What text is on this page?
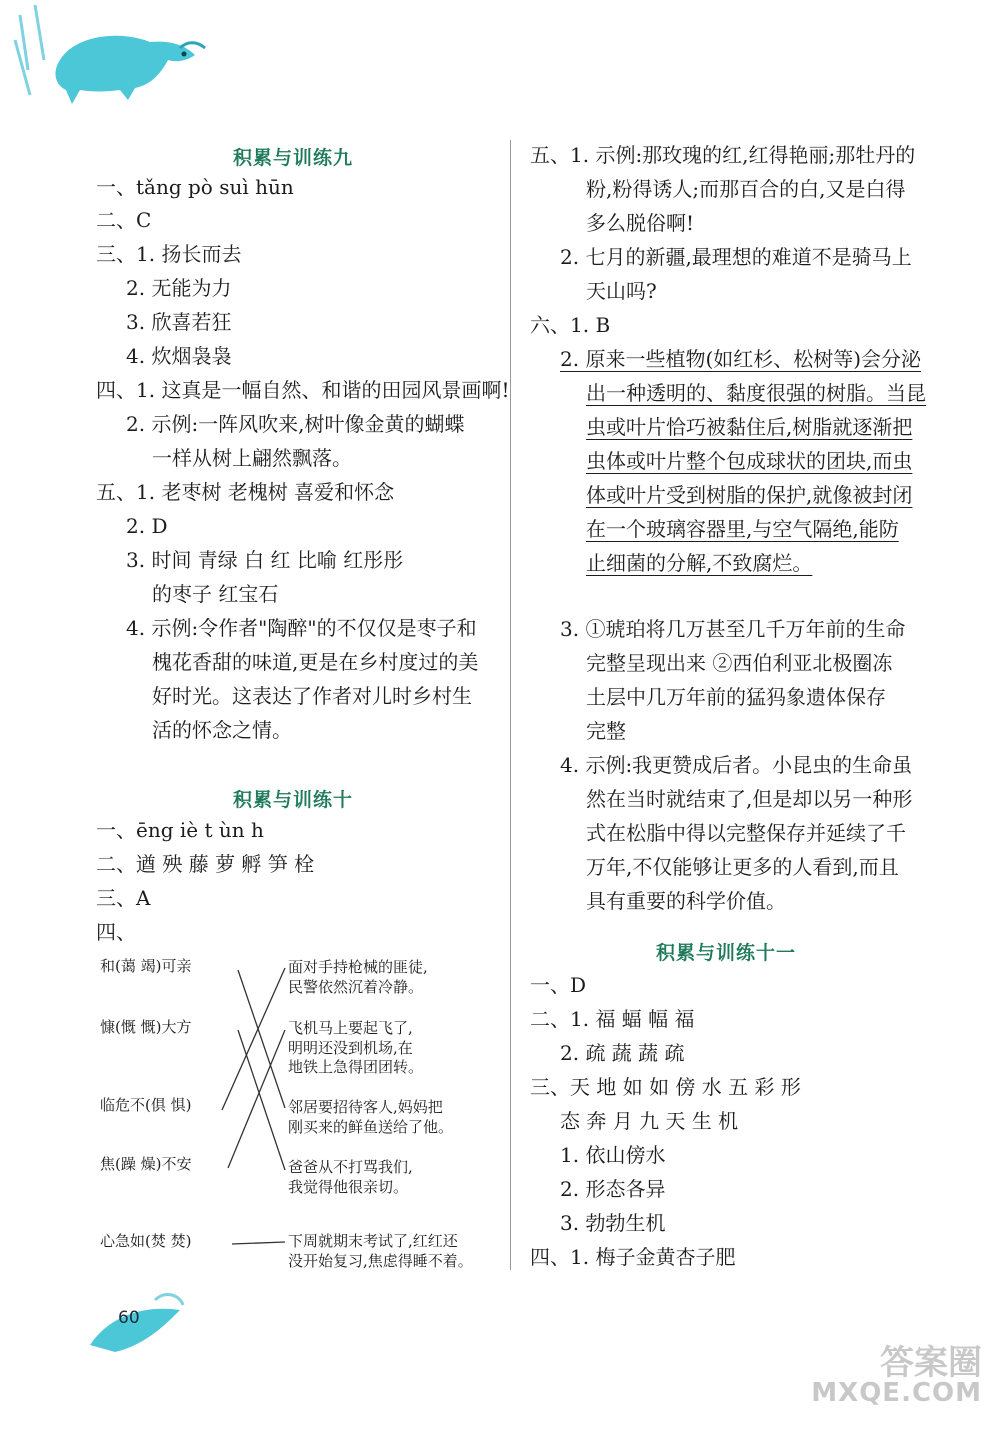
积累与训练九
一、tǎng pò suì hūn
二、C
三、1. 扬长而去
2. 无能为力
3. 欣喜若狂
4. 炊烟袅袅
四、1. 这真是一幅自然、和谐的田园风景画啊!
2. 示例:一阵风吹来,树叶像金黄的蝴蝶
一样从树上翩然飘落。
五、1. 老枣树 老槐树 喜爱和怀念
2. D
3. 时间 青绿 白 红 比喻 红彤彤
的枣子 红宝石
4. 示例:令作者"陶醉"的不仅仅是枣子和
槐花香甜的味道,更是在乡村度过的美
好时光。这表达了作者对儿时乡村生
活的怀念之情。
积累与训练十
一、ēng iè t ùn h
二、遒 殃 藤 萝 孵 笋 栓
三、A
四、
和(蔼 竭)可亲
慷(慨 慨)大方
临危不(俱 惧)
焦(躁 燥)不安
心急如(焚 焚)
面对手持枪械的匪徒,
民警依然沉着冷静。
飞机马上要起飞了,
明明还没到机场,在
地铁上急得团团转。
邻居要招待客人,妈妈把
刚买来的鲜鱼送给了他。
爸爸从不打骂我们,
我觉得他很亲切。
下周就期末考试了,红红还
没开始复习,焦虑得睡不着。
五、1. 示例:那玫瑰的红,红得艳丽;那牡丹的
粉,粉得诱人;而那百合的白,又是白得
多么脱俗啊!
2. 七月的新疆,最理想的难道不是骑马上
天山吗?
六、1. B
2. 原来一些植物(如红杉、松树等)会分泌
出一种透明的、黏度很强的树脂。当昆
虫或叶片恰巧被黏住后,树脂就逐渐把
虫体或叶片整个包成球状的团块,而虫
体或叶片受到树脂的保护,就像被封闭
在一个玻璃容器里,与空气隔绝,能防
止细菌的分解,不致腐烂。
3. ①琥珀将几万甚至几千万年前的生命
完整呈现出来 ②西伯利亚北极圈冻
土层中几万年前的猛犸象遗体保存
完整
4. 示例:我更赞成后者。小昆虫的生命虽
然在当时就结束了,但是却以另一种形
式在松脂中得以完整保存并延续了千
万年,不仅能够让更多的人看到,而且
具有重要的科学价值。
积累与训练十一
一、D
二、1. 福 蝠 幅 福
2. 疏 蔬 蔬 疏
三、天 地 如 如 傍 水 五 彩 形
态 奔 月 九 天 生 机
1. 依山傍水
2. 形态各异
3. 勃勃生机
四、1. 梅子金黄杏子肥
60
答案圈
MXQE.COM
